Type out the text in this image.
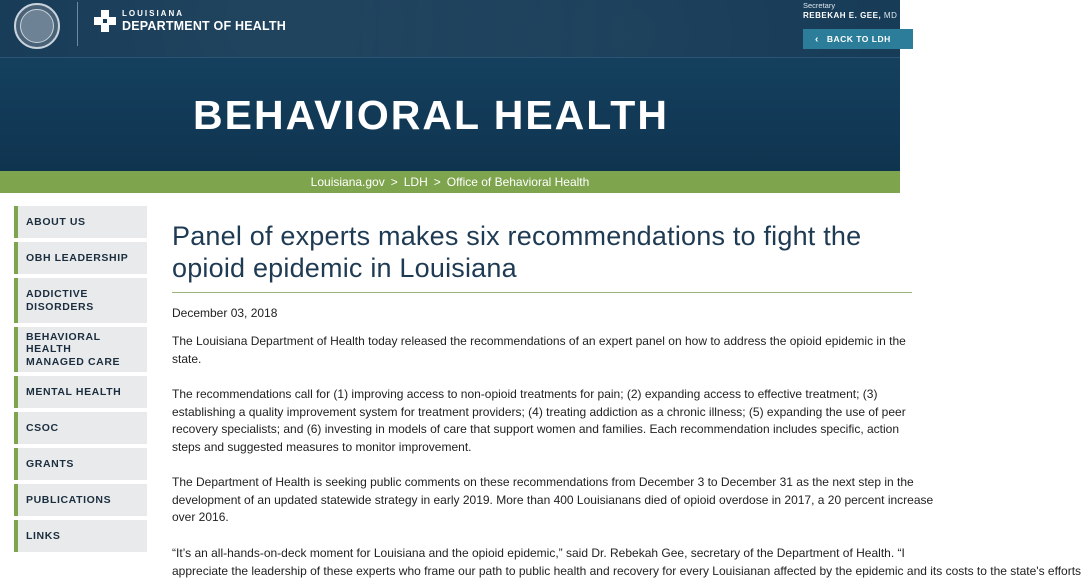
LOUISIANA
DEPARTMENT OF HEALTH
Secretary
REBEKAH E. GEE, MD
‹ BACK TO LDH
BEHAVIORAL HEALTH
Louisiana.gov > LDH > Office of Behavioral Health
ABOUT US
OBH LEADERSHIP
ADDICTIVE
DISORDERS
BEHAVIORAL HEALTH
MANAGED CARE
MENTAL HEALTH
CSOC
GRANTS
PUBLICATIONS
LINKS
Panel of experts makes six recommendations to fight the
opioid epidemic in Louisiana
December 03, 2018
The Louisiana Department of Health today released the recommendations of an expert panel on how to address the opioid epidemic in the
state.
The recommendations call for (1) improving access to non-opioid treatments for pain; (2) expanding access to effective treatment; (3)
establishing a quality improvement system for treatment providers; (4) treating addiction as a chronic illness; (5) expanding the use of peer
recovery specialists; and (6) investing in models of care that support women and families. Each recommendation includes specific, action
steps and suggested measures to monitor improvement.
The Department of Health is seeking public comments on these recommendations from December 3 to December 31 as the next step in the
development of an updated statewide strategy in early 2019. More than 400 Louisianans died of opioid overdose in 2017, a 20 percent increase
over 2016.
“It’s an all-hands-on-deck moment for Louisiana and the opioid epidemic,” said Dr. Rebekah Gee, secretary of the Department of Health. “I
appreciate the leadership of these experts who frame our path to public health and recovery for every Louisianan affected by the epidemic and its costs to the state's efforts
